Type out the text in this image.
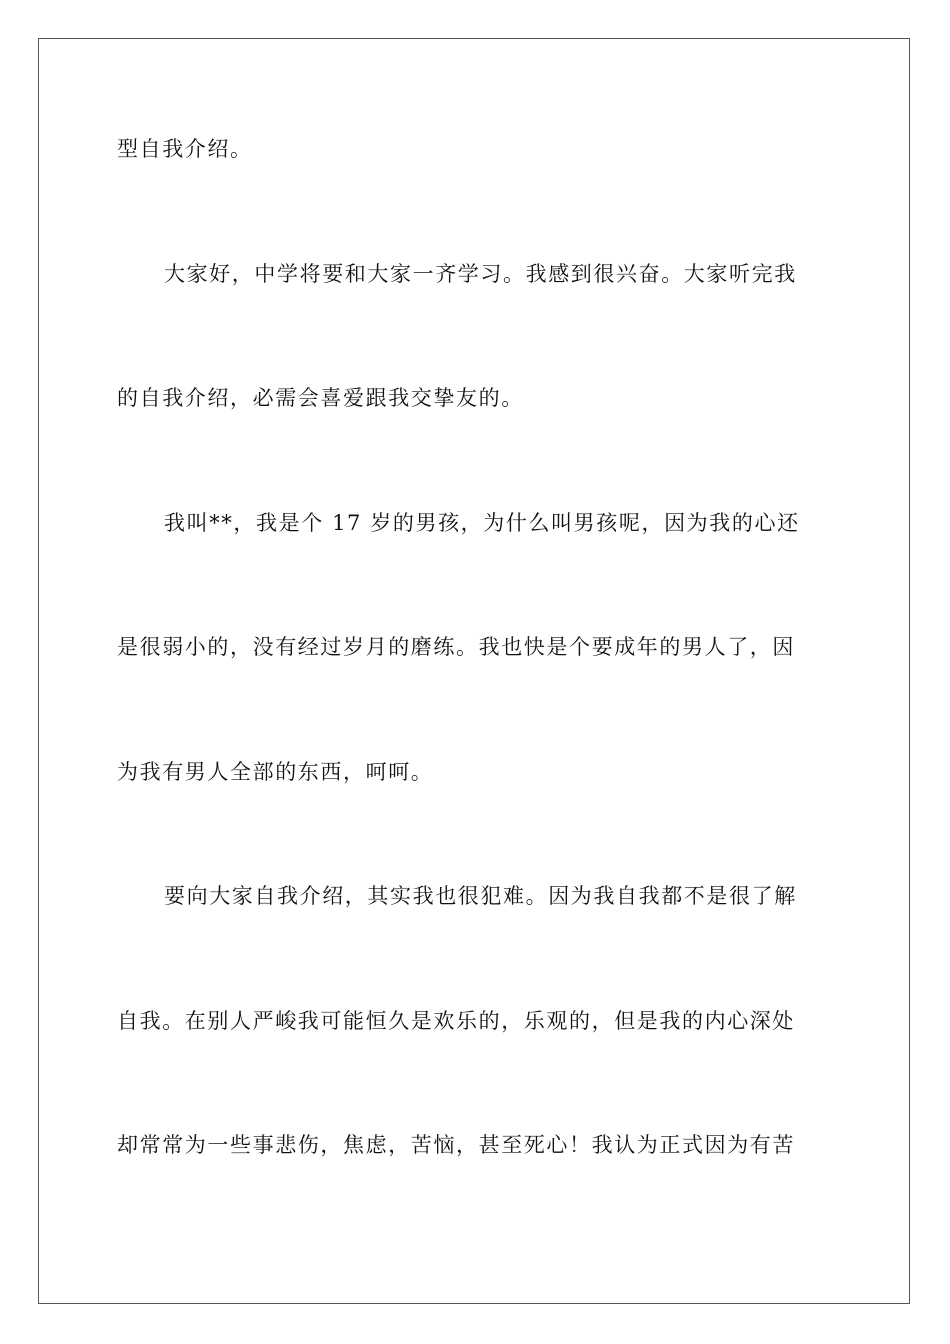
型自我介绍。
大家好，中学将要和大家一齐学习。我感到很兴奋。大家听完我
的自我介绍，必需会喜爱跟我交挚友的。
我叫**，我是个 17 岁的男孩，为什么叫男孩呢，因为我的心还
是很弱小的，没有经过岁月的磨练。我也快是个要成年的男人了，因
为我有男人全部的东西，呵呵。
要向大家自我介绍，其实我也很犯难。因为我自我都不是很了解
自我。在别人严峻我可能恒久是欢乐的，乐观的，但是我的内心深处
却常常为一些事悲伤，焦虑，苦恼，甚至死心！我认为正式因为有苦
